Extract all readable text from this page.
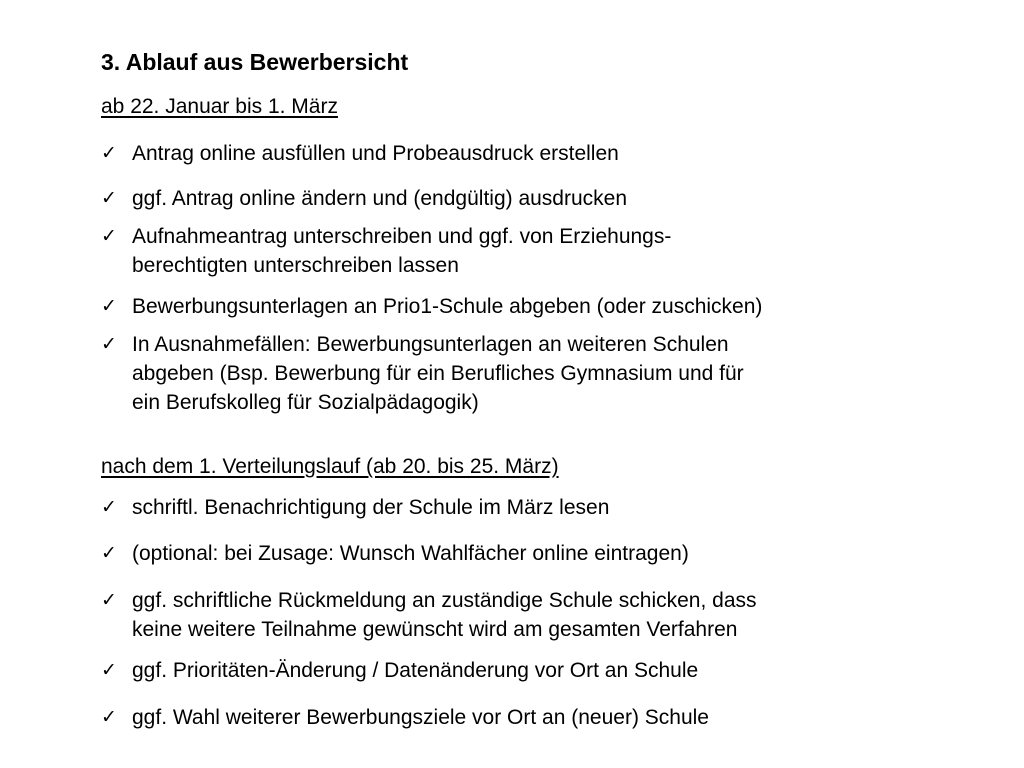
3. Ablauf aus Bewerbersicht
ab 22. Januar bis 1. März
✓ Antrag online ausfüllen und Probeausdruck erstellen
✓ ggf. Antrag online ändern und (endgültig) ausdrucken
✓ Aufnahmeantrag unterschreiben und ggf. von Erziehungs-
berechtigten unterschreiben lassen
✓ Bewerbungsunterlagen an Prio1-Schule abgeben (oder zuschicken)
✓ In Ausnahmefällen: Bewerbungsunterlagen an weiteren Schulen
abgeben (Bsp. Bewerbung für ein Berufliches Gymnasium und für
ein Berufskolleg für Sozialpädagogik)
nach dem 1. Verteilungslauf (ab 20. bis 25. März)
✓ schriftl. Benachrichtigung der Schule im März lesen
✓ (optional: bei Zusage: Wunsch Wahlfächer online eintragen)
✓ ggf. schriftliche Rückmeldung an zuständige Schule schicken, dass
keine weitere Teilnahme gewünscht wird am gesamten Verfahren
✓ ggf. Prioritäten-Änderung / Datenänderung vor Ort an Schule
✓ ggf. Wahl weiterer Bewerbungsziele vor Ort an (neuer) Schule
